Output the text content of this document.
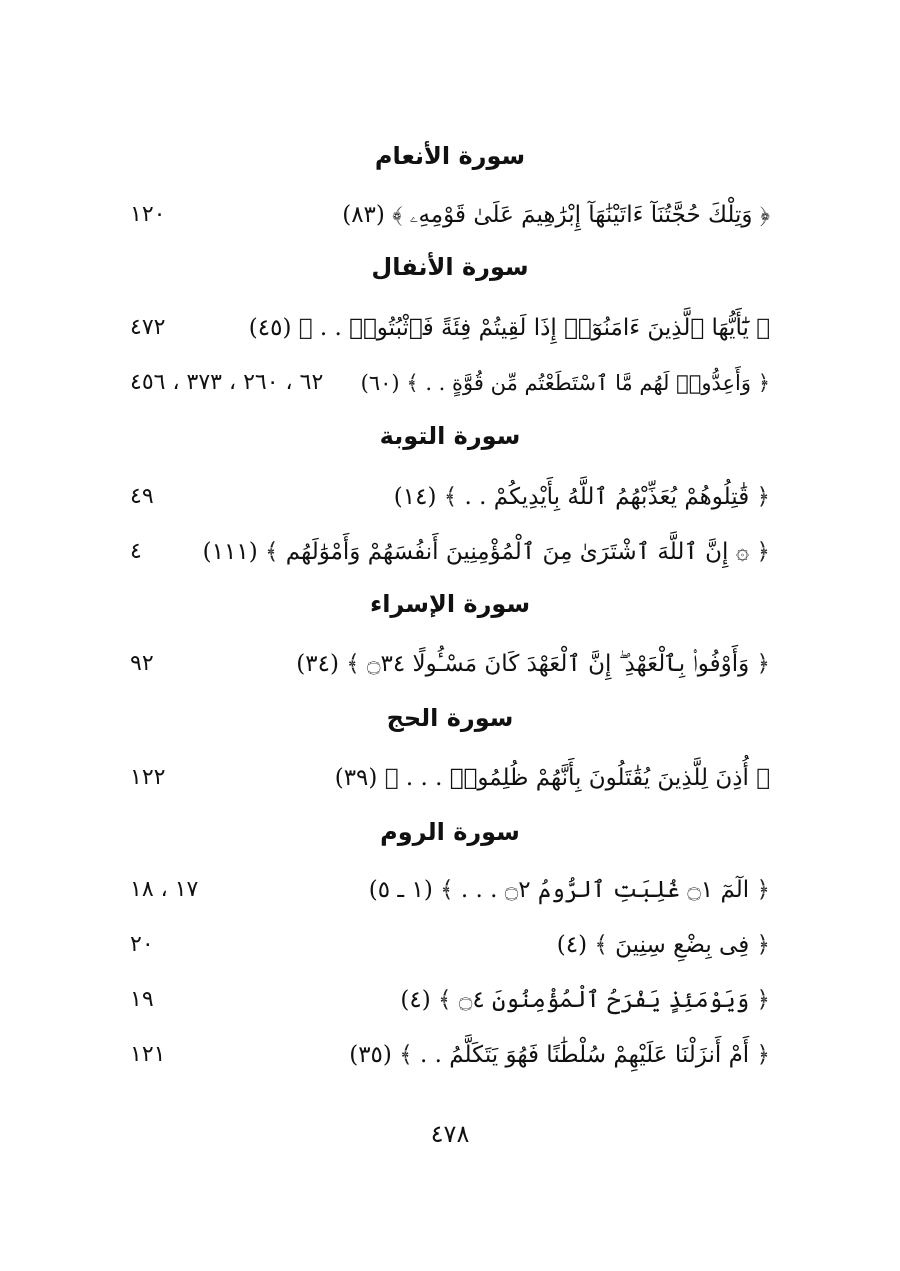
سورة الأنعام
﴿ وَتِلْكَ حُجَّتُنَآ ءَاتَيْنَٰهَآ إِبْرَٰهِيمَ عَلَىٰ قَوْمِهِۦ ﴾ (٨٣)
١٢٠
سورة الأنفال
﴿ يَٰٓأَيُّهَا ٱلَّذِينَ ءَامَنُوٓا۟ إِذَا لَقِيتُمْ فِئَةً فَٱثْبُتُوا۟ . . ﴾ (٤٥)
٤٧٢
﴿ وَأَعِدُّوا۟ لَهُم مَّا ٱسْتَطَعْتُم مِّن قُوَّةٍ . . ﴾ (٦٠)
٦٢ ، ٢٦٠ ، ٣٧٣ ، ٤٥٦
سورة التوبة
﴿ قَٰتِلُوهُمْ يُعَذِّبْهُمُ ٱللَّهُ بِأَيْدِيكُمْ . . ﴾ (١٤)
٤٩
﴿ ۞ إِنَّ ٱللَّهَ ٱشْتَرَىٰ مِنَ ٱلْمُؤْمِنِينَ أَنفُسَهُمْ وَأَمْوَٰلَهُم ﴾ (١١١)
٤
سورة الإسراء
﴿ وَأَوْفُوا۟ بِٱلْعَهْدِ ۖ إِنَّ ٱلْعَهْدَ كَانَ مَسْـُٔولًا ۝٣٤ ﴾ (٣٤)
٩٢
سورة الحج
﴿ أُذِنَ لِلَّذِينَ يُقَٰتَلُونَ بِأَنَّهُمْ ظُلِمُوا۟ . . . ﴾ (٣٩)
١٢٢
سورة الروم
﴿ الٓمٓ ۝١ غُلِبَتِ ٱلرُّومُ ۝٢ . . . ﴾ (١ ـ ٥)
١٧ ، ١٨
﴿ فِى بِضْعِ سِنِينَ ﴾ (٤)
٢٠
﴿ وَيَوْمَئِذٍ يَفْرَحُ ٱلْمُؤْمِنُونَ ۝٤ ﴾ (٤)
١٩
﴿ أَمْ أَنزَلْنَا عَلَيْهِمْ سُلْطَٰنًا فَهُوَ يَتَكَلَّمُ . . ﴾ (٣٥)
١٢١
٤٧٨
